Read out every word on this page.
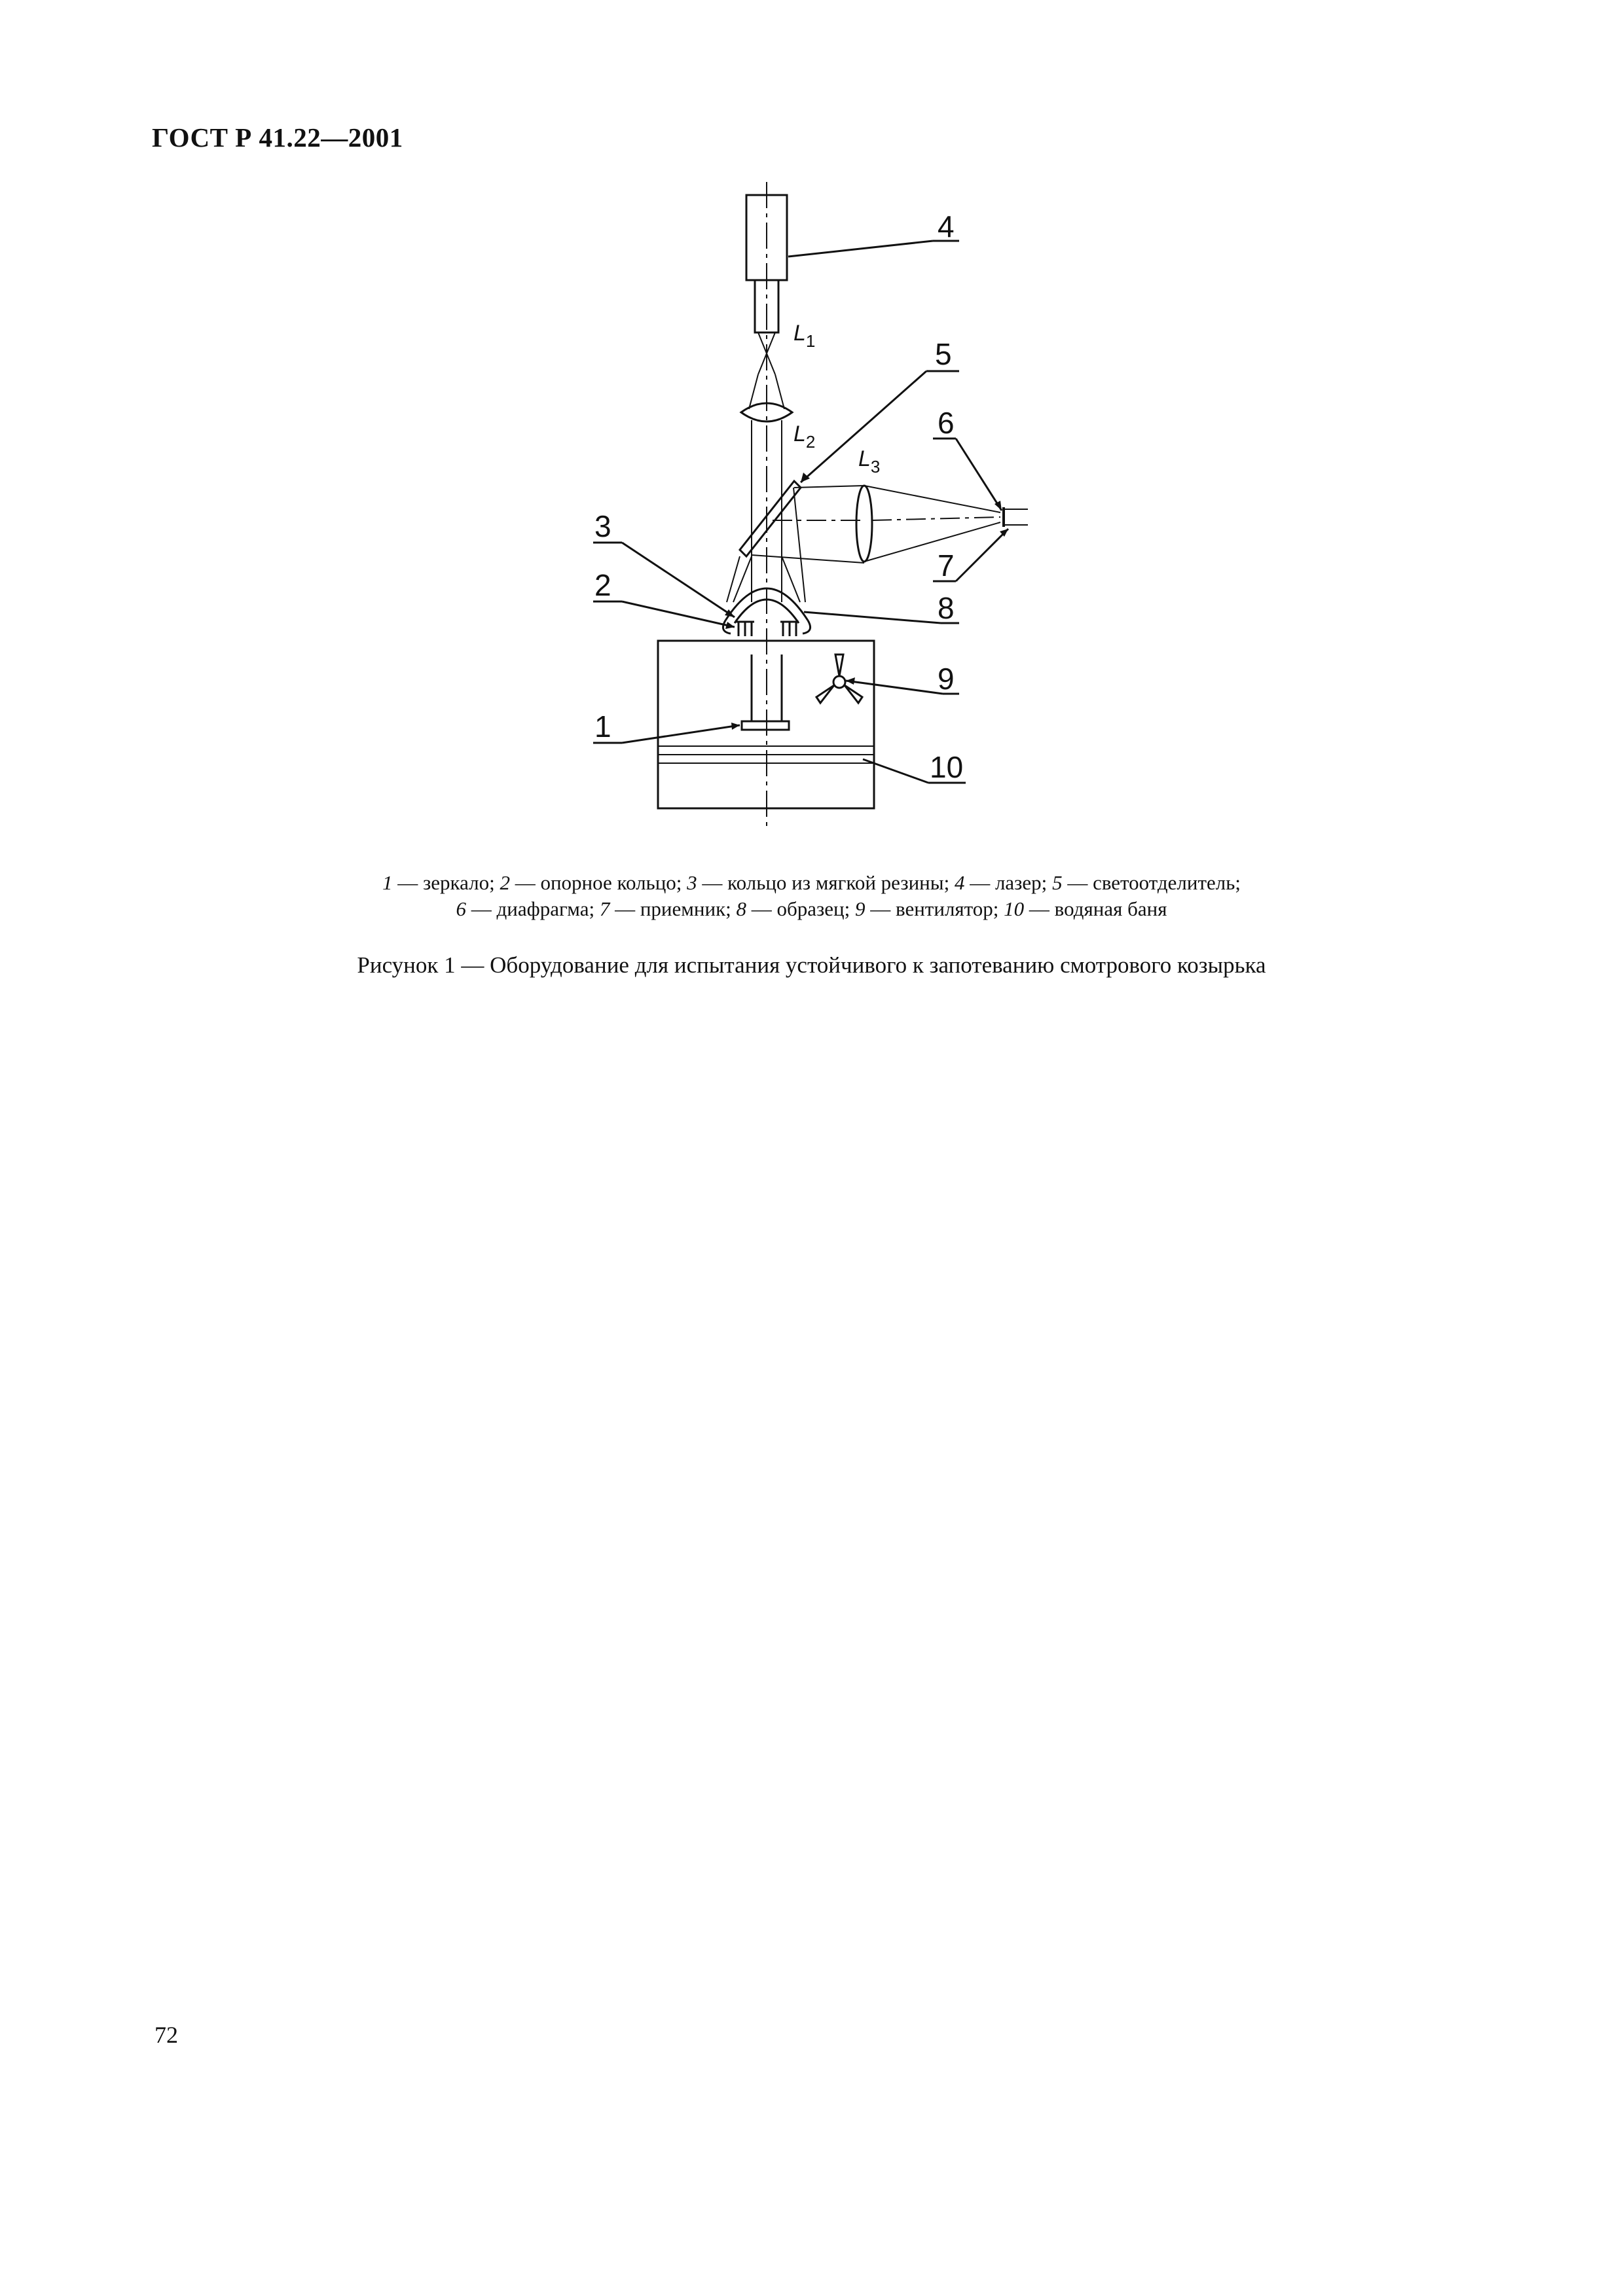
ГОСТ Р 41.22—2001
4
5
6
7
3
2
8
9
1
10
$L_1$
$L_2$
$L_3$
1 — зеркало; 2 — опорное кольцо; 3 — кольцо из мягкой резины; 4 — лазер; 5 — светоотделитель;
6 — диафрагма; 7 — приемник; 8 — образец; 9 — вентилятор; 10 — водяная баня
Рисунок 1 — Оборудование для испытания устойчивого к запотеванию смотрового козырька
72
